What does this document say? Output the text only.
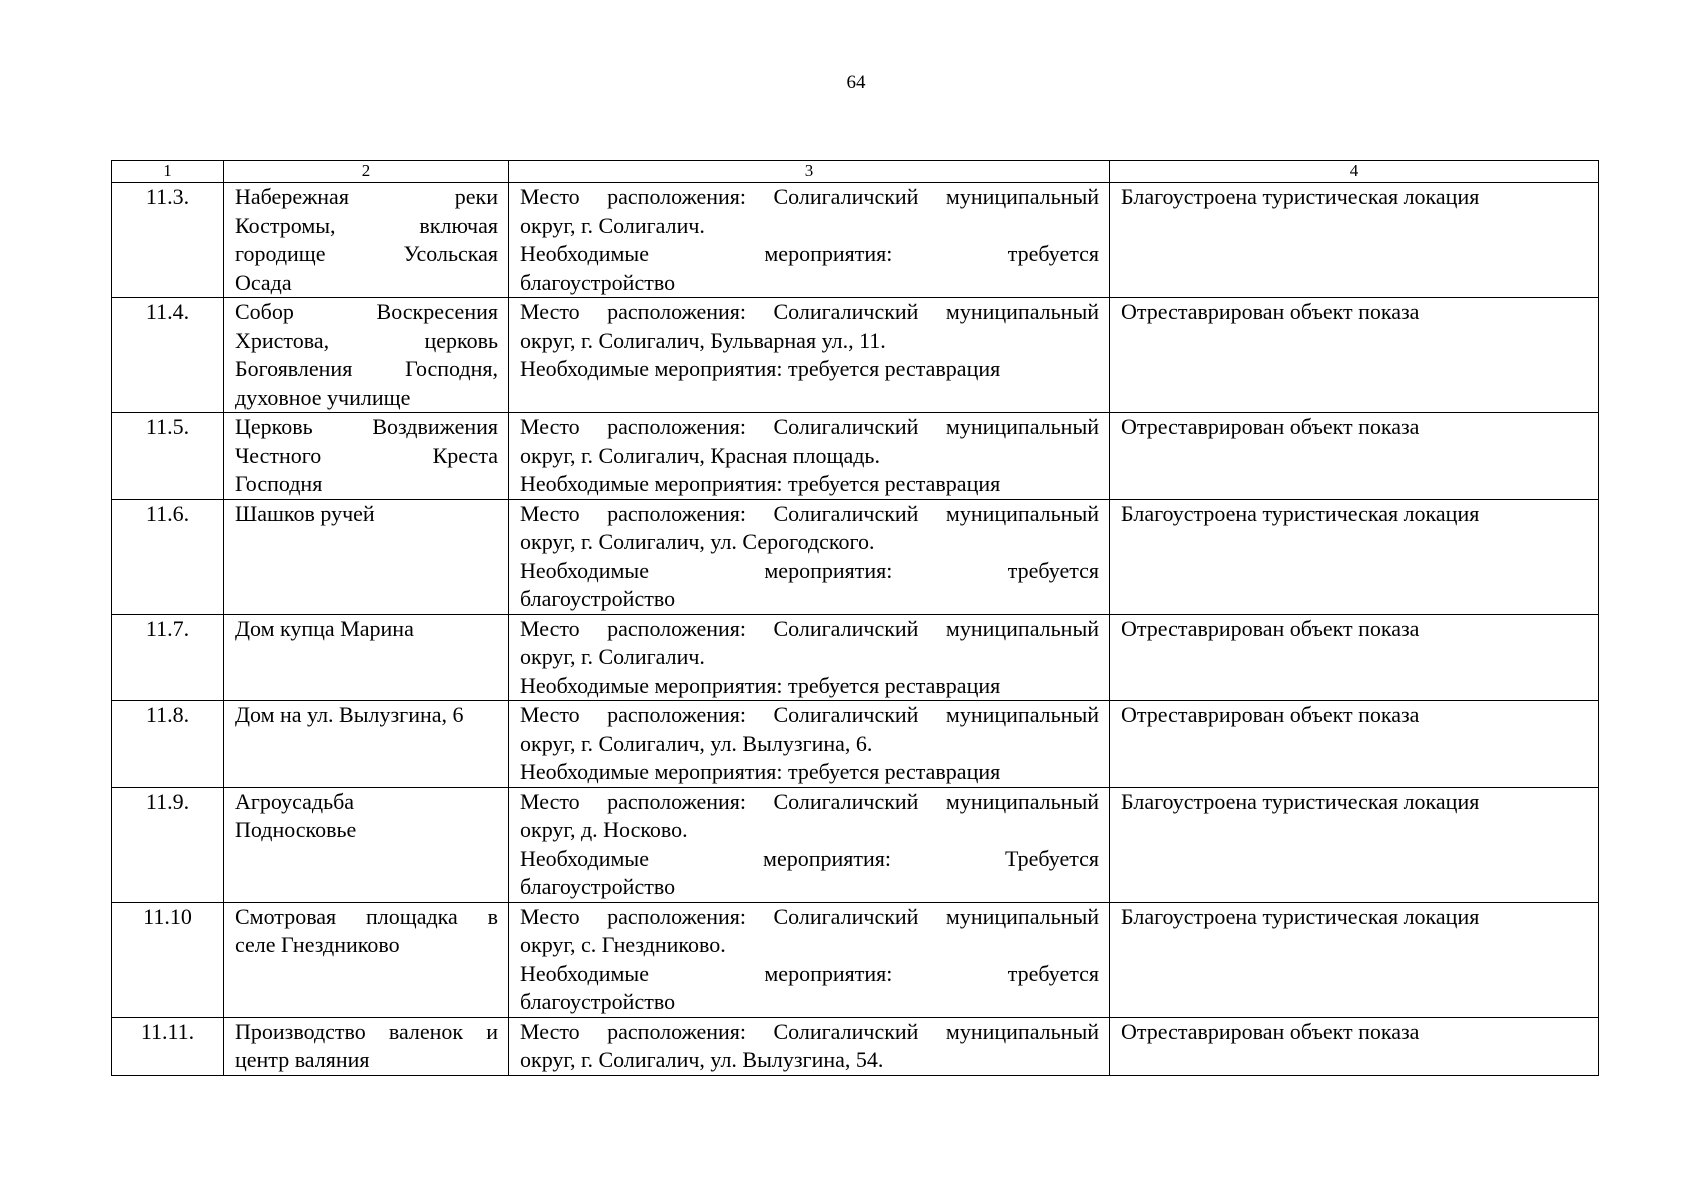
64
1	2	3	4
11.3.	Набережная реки
Костромы, включая
городище Усольская
Осада	Место расположения: Солигаличский муниципальный
округ, г. Солигалич.
Необходимые мероприятия: требуется
благоустройство	Благоустроена туристическая локация
11.4.	Собор Воскресения
Христова, церковь
Богоявления Господня,
духовное училище	Место расположения: Солигаличский муниципальный
округ, г. Солигалич, Бульварная ул., 11.
Необходимые мероприятия: требуется реставрация	Отреставрирован объект показа
11.5.	Церковь Воздвижения
Честного Креста
Господня	Место расположения: Солигаличский муниципальный
округ, г. Солигалич, Красная площадь.
Необходимые мероприятия: требуется реставрация	Отреставрирован объект показа
11.6.	Шашков ручей	Место расположения: Солигаличский муниципальный
округ, г. Солигалич, ул. Серогодского.
Необходимые мероприятия: требуется
благоустройство	Благоустроена туристическая локация
11.7.	Дом купца Марина	Место расположения: Солигаличский муниципальный
округ, г. Солигалич.
Необходимые мероприятия: требуется реставрация	Отреставрирован объект показа
11.8.	Дом на ул. Вылузгина, 6	Место расположения: Солигаличский муниципальный
округ, г. Солигалич, ул. Вылузгина, 6.
Необходимые мероприятия: требуется реставрация	Отреставрирован объект показа
11.9.	Агроусадьба
Подносковье	Место расположения: Солигаличский муниципальный
округ, д. Носково.
Необходимые мероприятия: Требуется
благоустройство	Благоустроена туристическая локация
11.10	Смотровая площадка в
селе Гнездниково	Место расположения: Солигаличский муниципальный
округ, с. Гнездниково.
Необходимые мероприятия: требуется
благоустройство	Благоустроена туристическая локация
11.11.	Производство валенок и
центр валяния	Место расположения: Солигаличский муниципальный
округ, г. Солигалич, ул. Вылузгина, 54.	Отреставрирован объект показа
